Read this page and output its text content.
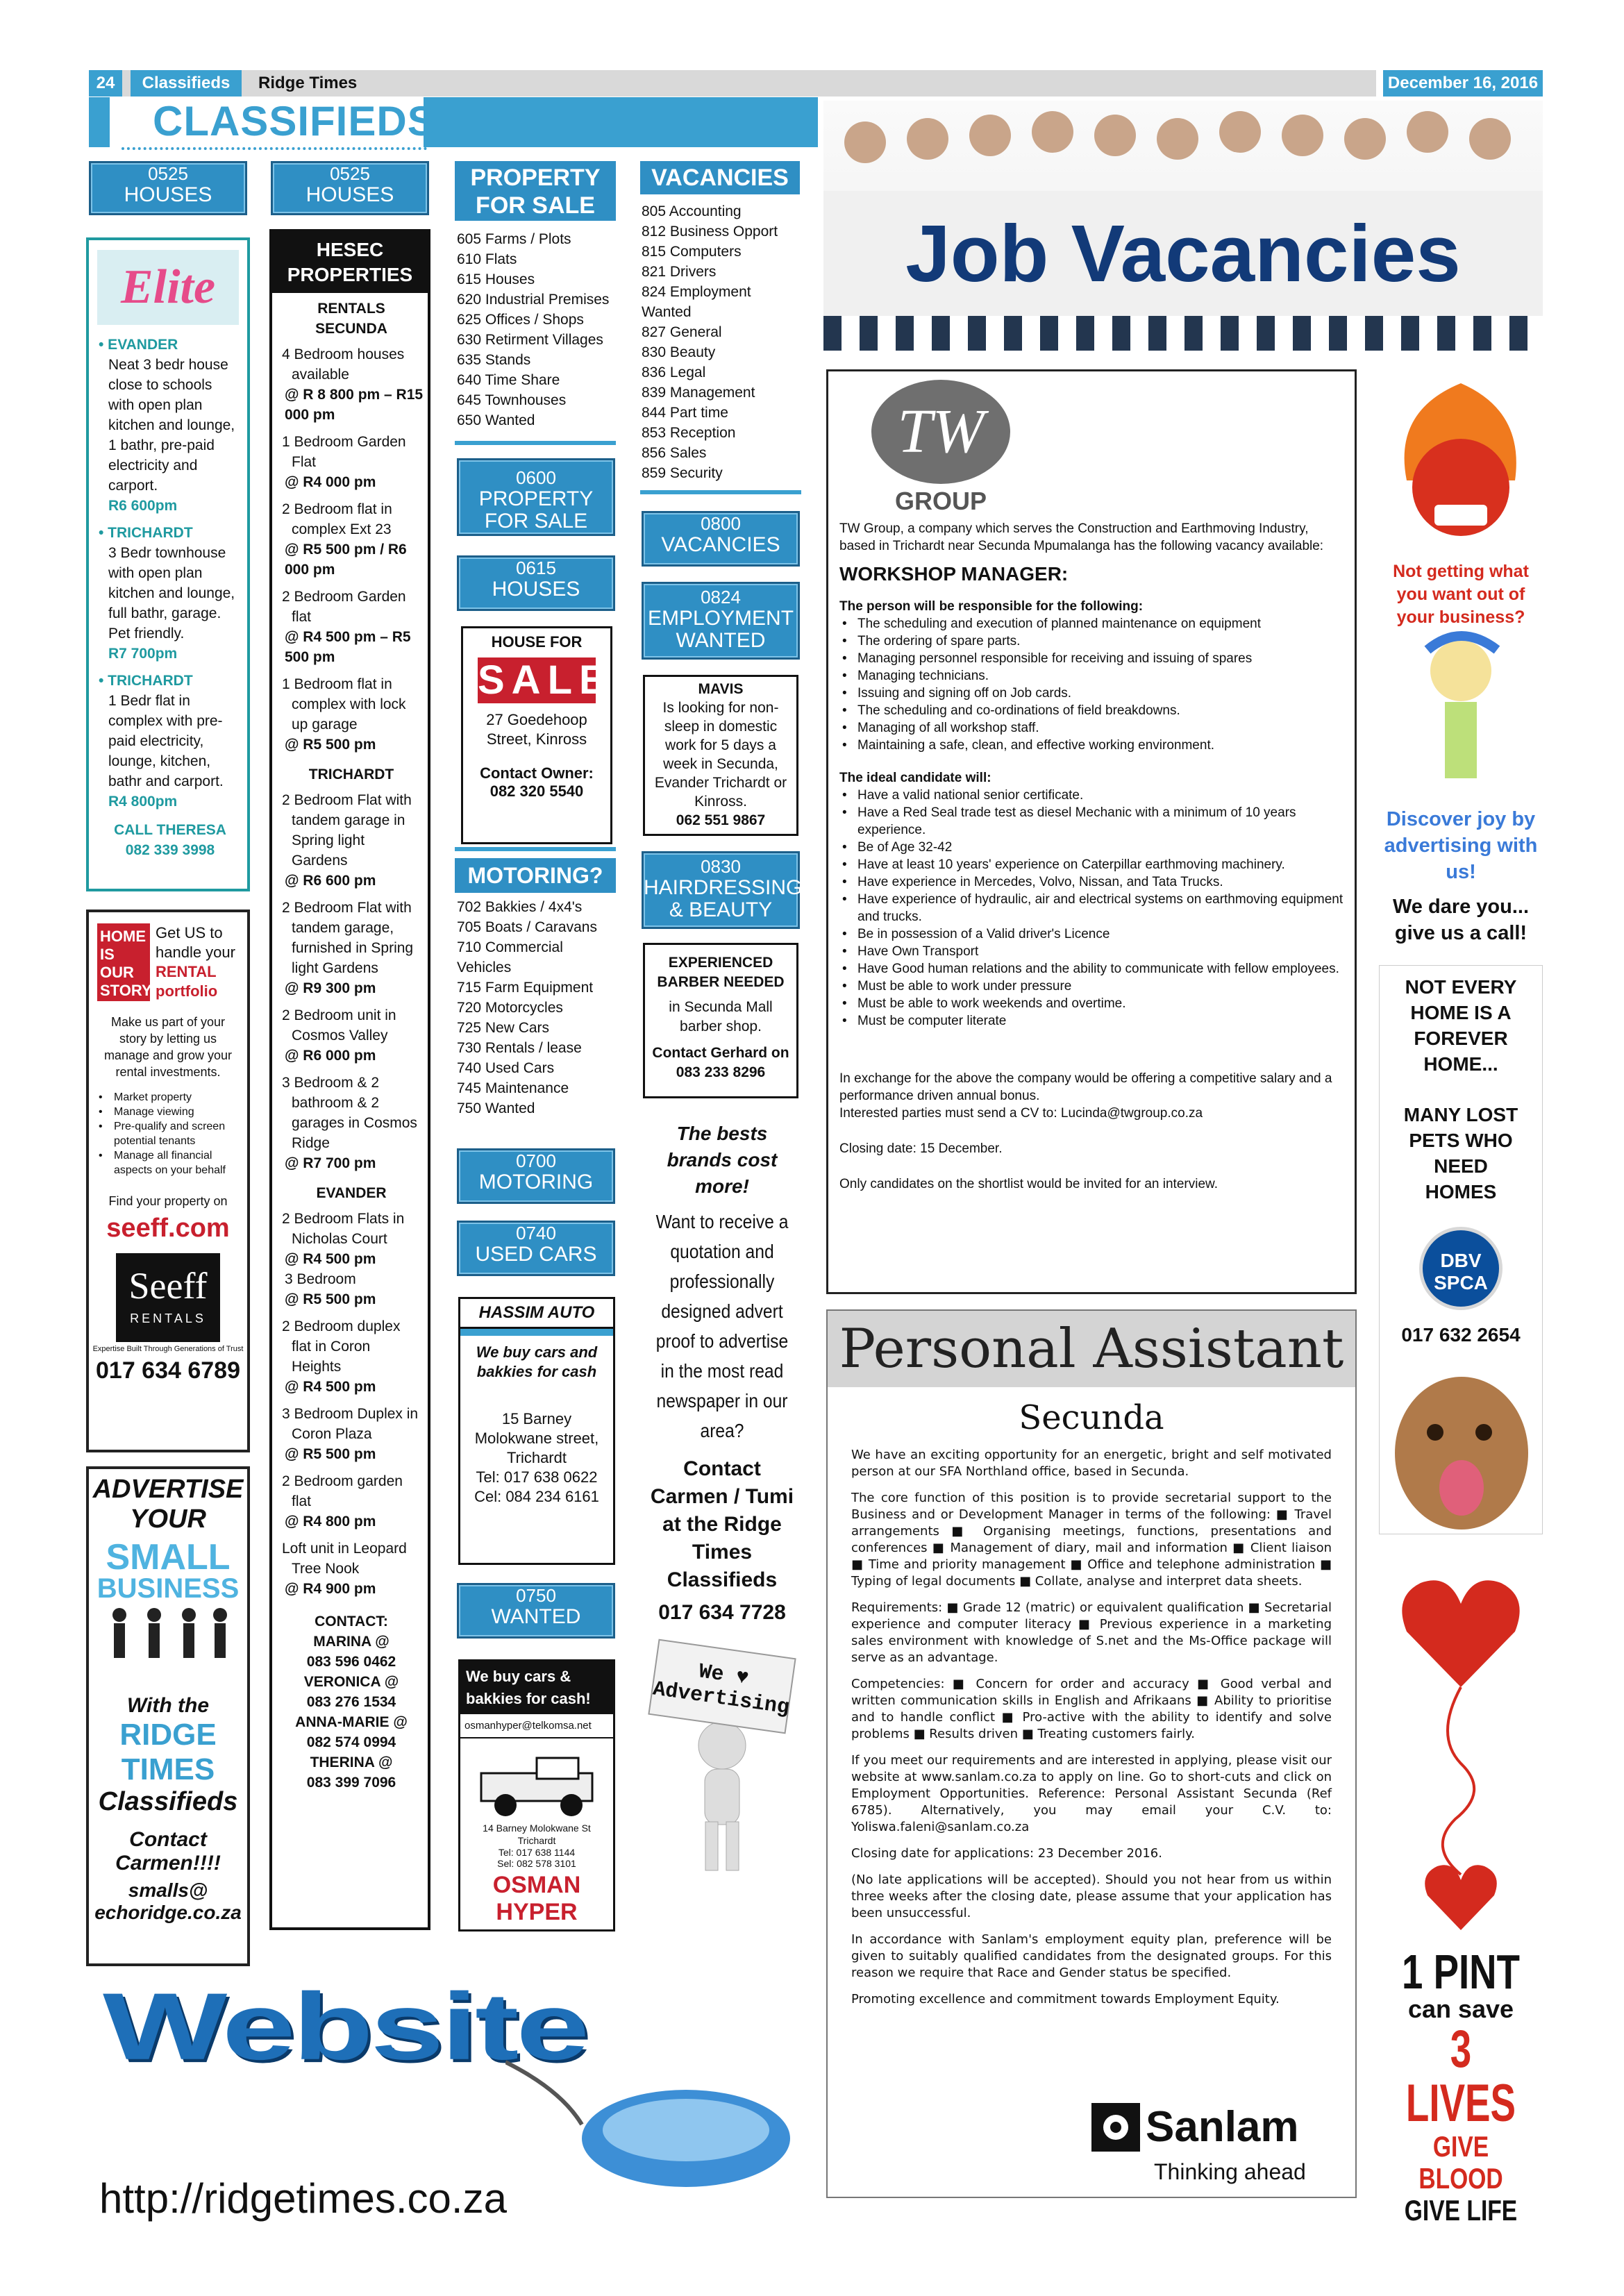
24	Classifieds	Ridge Times	December 16, 2016
CLASSIFIEDS
0525
HOUSES
Elite
• EVANDER
Neat 3 bedr house close to schools with open plan kitchen and lounge, 1 bathr, pre-paid electricity and carport.
R6 600pm
• TRICHARDT
3 Bedr townhouse with open plan kitchen and lounge, full bathr, garage. Pet friendly.
R7 700pm
• TRICHARDT
1 Bedr flat in complex with pre-paid electricity, lounge, kitchen, bathr and carport.
R4 800pm
CALL THERESA
082 339 3998
HOME IS OUR STORY
Get US to handle your
RENTAL portfolio
Make us part of your story by letting us manage and grow your rental investments.
• Market property
• Manage viewing
• Pre-qualify and screen potential tenants
• Manage all financial aspects on your behalf
Find your property on
seeff.com
Seeff
RENTALS
Expertise Built Through Generations of Trust
017 634 6789
ADVERTISE
YOUR
SMALL
BUSINESS
With the
RIDGE TIMES
Classifieds
Contact Carmen!!!!
smalls@
echoridge.co.za
0525
HOUSES
HESEC PROPERTIES
RENTALS
SECUNDA
4 Bedroom houses available
@ R 8 800 pm – R15 000 pm
1 Bedroom Garden Flat
@ R4 000 pm
2 Bedroom flat in complex Ext 23
@ R5 500 pm / R6 000 pm
2 Bedroom Garden flat
@ R4 500 pm – R5 500 pm
1 Bedroom flat in complex with lock up garage
@ R5 500 pm
TRICHARDT
2 Bedroom Flat with tandem garage in Spring light Gardens
@ R6 600 pm
2 Bedroom Flat with tandem garage, furnished in Spring light Gardens
@ R9 300 pm
2 Bedroom unit in Cosmos Valley
@ R6 000 pm
3 Bedroom & 2 bathroom & 2 garages in Cosmos Ridge
@ R7 700 pm
EVANDER
2 Bedroom Flats in Nicholas Court
@ R4 500 pm
3 Bedroom
@ R5 500 pm
2 Bedroom duplex flat in Coron Heights
@ R4 500 pm
3 Bedroom Duplex in Coron Plaza
@ R5 500 pm
2 Bedroom garden flat
@ R4 800 pm
Loft unit in Leopard Tree Nook
@ R4 900 pm
CONTACT:
MARINA @
083 596 0462
VERONICA @
083 276 1534
ANNA-MARIE @
082 574 0994
THERINA @
083 399 7096
PROPERTY FOR SALE
605 Farms / Plots
610 Flats
615 Houses
620 Industrial Premises
625 Offices / Shops
630 Retirment Villages
635 Stands
640 Time Share
645 Townhouses
650 Wanted
0600
PROPERTY FOR SALE
0615
HOUSES
HOUSE FOR
SALE
27 Goedehoop Street, Kinross
Contact Owner:
082 320 5540
MOTORING?
702 Bakkies / 4x4's
705 Boats / Caravans
710 Commercial Vehicles
715 Farm Equipment
720 Motorcycles
725 New Cars
730 Rentals / lease
740 Used Cars
745 Maintenance
750 Wanted
0700
MOTORING
0740
USED CARS
HASSIM AUTO
We buy cars and bakkies for cash
15 Barney Molokwane street, Trichardt
Tel: 017 638 0622
Cel: 084 234 6161
0750
WANTED
We buy cars & bakkies for cash!
osmanhyper@telkomsa.net
14 Barney Molokwane St Trichardt
Tel: 017 638 1144
Sel: 082 578 3101
OSMAN HYPER
VACANCIES
805 Accounting
812 Business Opport
815 Computers
821 Drivers
824 Employment Wanted
827 General
830 Beauty
836 Legal
839 Management
844 Part time
853 Reception
856 Sales
859 Security
0800
VACANCIES
0824
EMPLOYMENT WANTED
MAVIS
Is looking for non-sleep in domestic work for 5 days a week in Secunda, Evander Trichardt or Kinross.
062 551 9867
0830
HAIRDRESSING & BEAUTY
EXPERIENCED BARBER NEEDED
in Secunda Mall barber shop.
Contact Gerhard on 083 233 8296
The bests brands cost more!
Want to receive a quotation and professionally designed advert proof to advertise in the most read newspaper in our area?
Contact Carmen / Tumi at the Ridge Times Classifieds
017 634 7728
We ♥ Advertising
Job Vacancies
TW
GROUP
TW Group, a company which serves the Construction and Earthmoving Industry, based in Trichardt near Secunda Mpumalanga has the following vacancy available:
WORKSHOP MANAGER:
The person will be responsible for the following:
• The scheduling and execution of planned maintenance on equipment
• The ordering of spare parts.
• Managing personnel responsible for receiving and issuing of spares
• Managing technicians.
• Issuing and signing off on Job cards.
• The scheduling and co-ordinations of field breakdowns.
• Managing of all workshop staff.
• Maintaining a safe, clean, and effective working environment.
The ideal candidate will:
• Have a valid national senior certificate.
• Have a Red Seal trade test as diesel Mechanic with a minimum of 10 years experience.
• Be of Age 32-42
• Have at least 10 years' experience on Caterpillar earthmoving machinery.
• Have experience in Mercedes, Volvo, Nissan, and Tata Trucks.
• Have experience of hydraulic, air and electrical systems on earthmoving equipment and trucks.
• Be in possession of a Valid driver's Licence
• Have Own Transport
• Have Good human relations and the ability to communicate with fellow employees.
• Must be able to work under pressure
• Must be able to work weekends and overtime.
• Must be computer literate
In exchange for the above the company would be offering a competitive salary and a performance driven annual bonus.
Interested parties must send a CV to: Lucinda@twgroup.co.za
Closing date: 15 December.
Only candidates on the shortlist would be invited for an interview.
Personal Assistant
Secunda
We have an exciting opportunity for an energetic, bright and self motivated person at our SFA Northland office, based in Secunda.
The core function of this position is to provide secretarial support to the Business and or Development Manager in terms of the following: ■ Travel arrangements ■ Organising meetings, functions, presentations and conferences ■ Management of diary, mail and information ■ Client liaison ■ Time and priority management ■ Office and telephone administration ■ Typing of legal documents ■ Collate, analyse and interpret data sheets.
Requirements: ■ Grade 12 (matric) or equivalent qualification ■ Secretarial experience and computer literacy ■ Previous experience in a marketing sales environment with knowledge of S.net and the Ms-Office package will serve as an advantage.
Competencies: ■ Concern for order and accuracy ■ Good verbal and written communication skills in English and Afrikaans ■ Ability to prioritise and to handle conflict ■ Pro-active with the ability to identify and solve problems ■ Results driven ■ Treating customers fairly.
If you meet our requirements and are interested in applying, please visit our website at www.sanlam.co.za to apply on line. Go to short-cuts and click on Employment Opportunities. Reference: Personal Assistant Secunda (Ref 6785). Alternatively, you may email your C.V. to: Yoliswa.faleni@sanlam.co.za
Closing date for applications: 23 December 2016.
(No late applications will be accepted). Should you not hear from us within three weeks after the closing date, please assume that your application has been unsuccessful.
In accordance with Sanlam's employment equity plan, preference will be given to suitably qualified candidates from the designated groups. For this reason we require that Race and Gender status be specified.
Promoting excellence and commitment towards Employment Equity.
Sanlam
Thinking ahead
Not getting what you want out of your business?
Discover joy by advertising with us!
We dare you... give us a call!
NOT EVERY HOME IS A FOREVER HOME...
MANY LOST PETS WHO NEED HOMES
DBV
SPCA
017 632 2654
1 PINT
can save
3 LIVES
GIVE BLOOD
GIVE LIFE
Website
http://ridgetimes.co.za
